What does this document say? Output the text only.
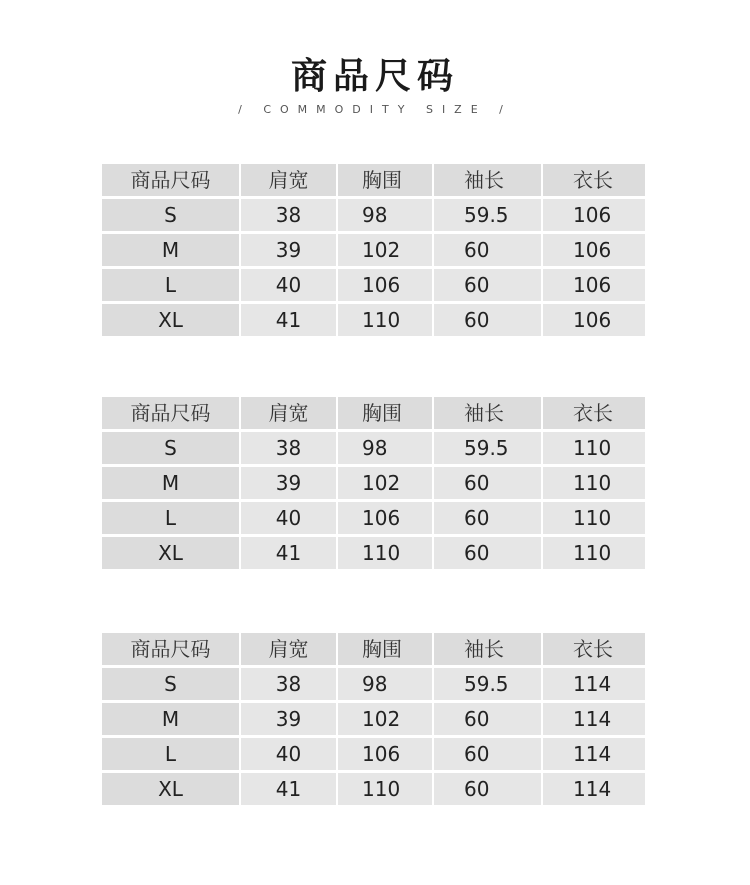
商品尺码
/ COMMODITY SIZE /
商品尺码	肩宽	胸围	袖长	衣长
S	38	98	59.5	106
M	39	102	60	106
L	40	106	60	106
XL	41	110	60	106
商品尺码	肩宽	胸围	袖长	衣长
S	38	98	59.5	110
M	39	102	60	110
L	40	106	60	110
XL	41	110	60	110
商品尺码	肩宽	胸围	袖长	衣长
S	38	98	59.5	114
M	39	102	60	114
L	40	106	60	114
XL	41	110	60	114
